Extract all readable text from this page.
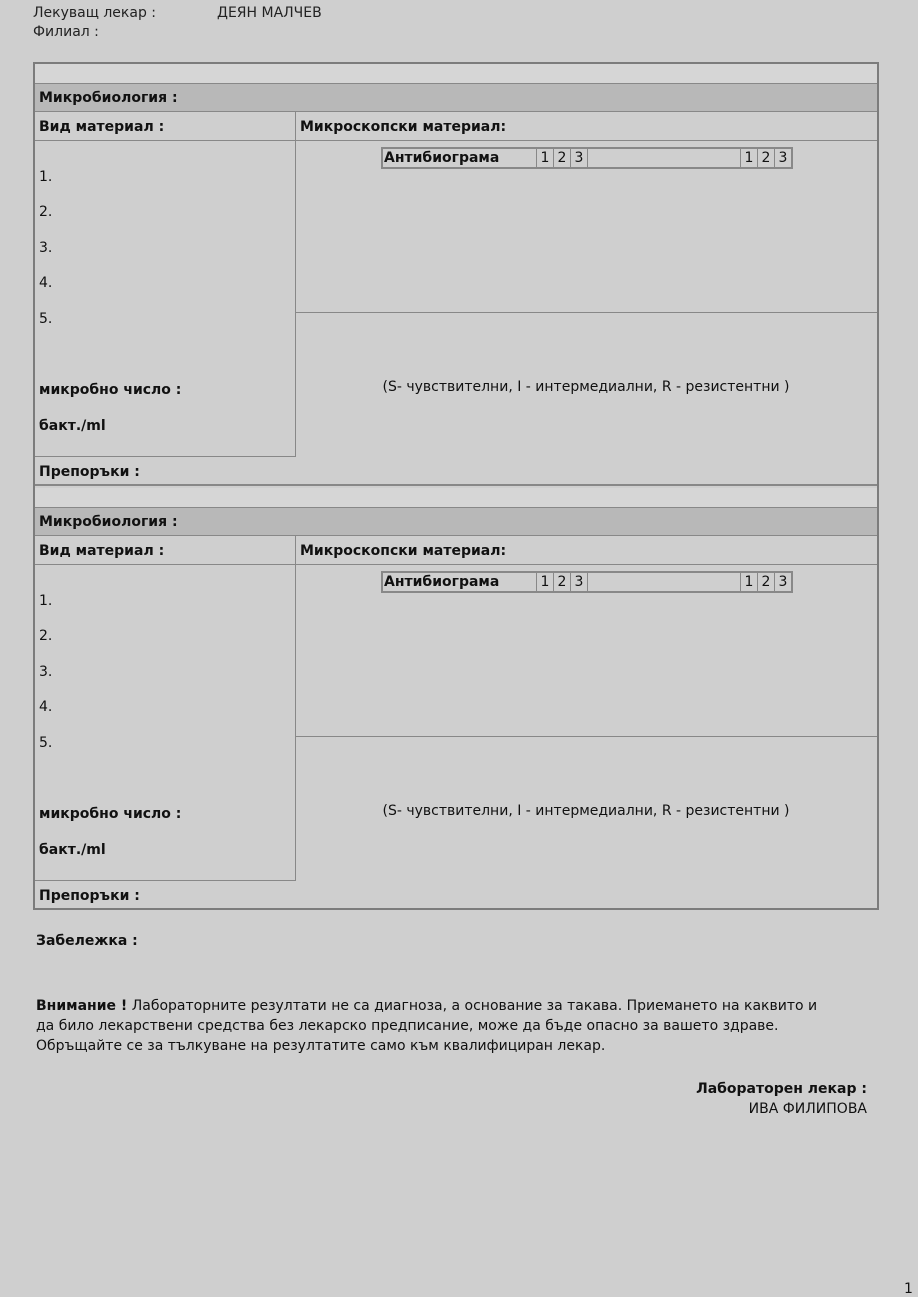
Лекуващ лекар :	ДЕЯН МАЛЧЕВ
Филиал :
Микробиология :
Вид материал :	Микроскопски материал:
1.
2.
3.
4.
5.
микробно число :
бакт./ml
Антибиограма	1 2 3	1 2 3
(S- чувствителни, I - интермедиални, R - резистентни )
Препоръки :
Микробиология :
Вид материал :	Микроскопски материал:
1.
2.
3.
4.
5.
микробно число :
бакт./ml
Антибиограма	1 2 3	1 2 3
(S- чувствителни, I - интермедиални, R - резистентни )
Препоръки :
Забележка :
Внимание ! Лабораторните резултати не са диагноза, а основание за такава. Приемането на каквито и да било лекарствени средства без лекарско предписание, може да бъде опасно за вашето здраве. Обръщайте се за тълкуване на резултатите само към квалифициран лекар.
Лабораторен лекар :
ИВА ФИЛИПОВА
1
